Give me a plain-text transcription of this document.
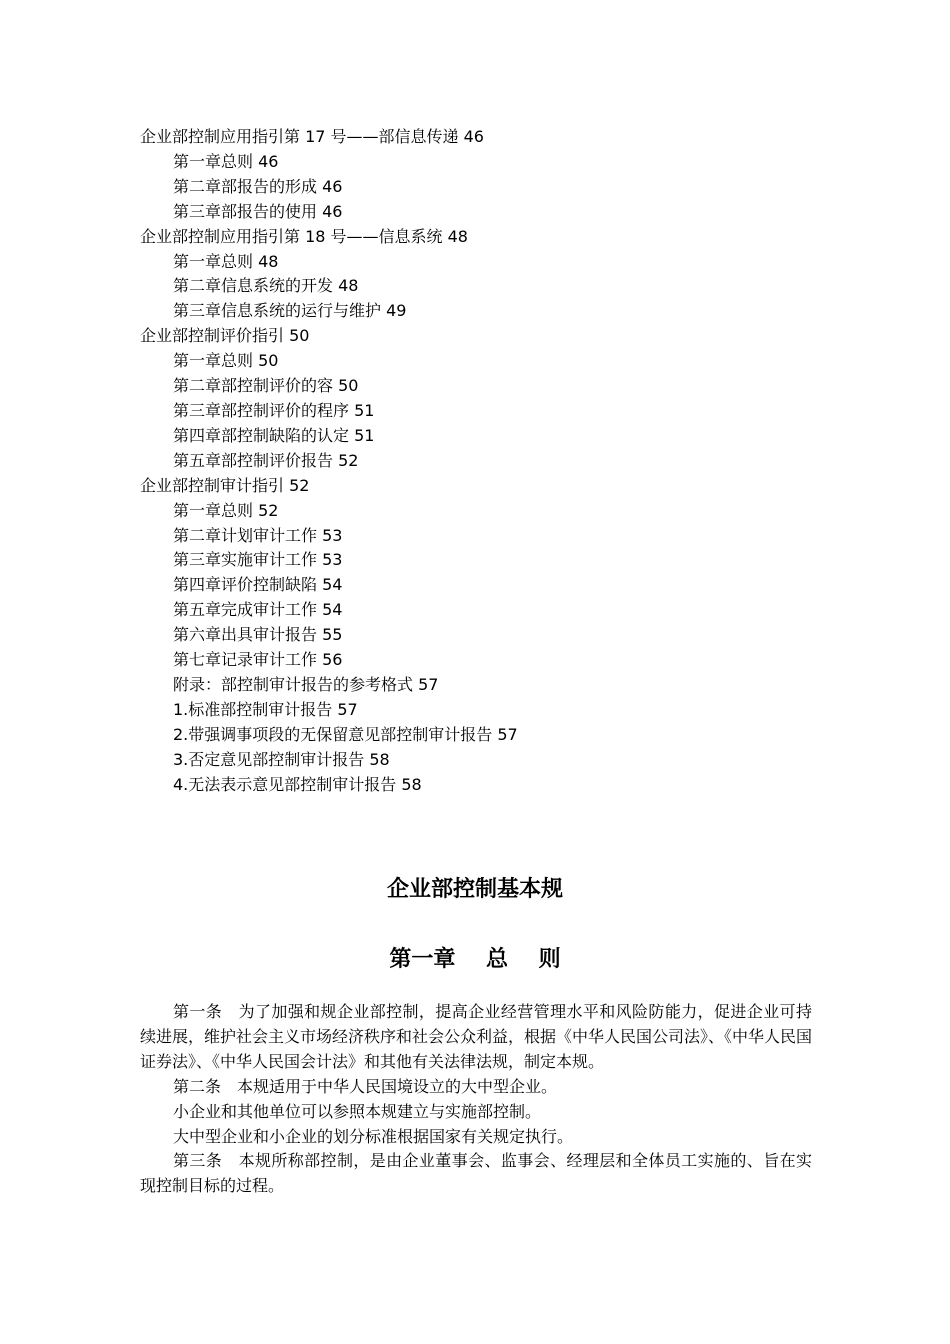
企业部控制应用指引第 17 号——部信息传递 46
第一章总则 46
第二章部报告的形成 46
第三章部报告的使用 46
企业部控制应用指引第 18 号——信息系统 48
第一章总则 48
第二章信息系统的开发 48
第三章信息系统的运行与维护 49
企业部控制评价指引 50
第一章总则 50
第二章部控制评价的容 50
第三章部控制评价的程序 51
第四章部控制缺陷的认定 51
第五章部控制评价报告 52
企业部控制审计指引 52
第一章总则 52
第二章计划审计工作 53
第三章实施审计工作 53
第四章评价控制缺陷 54
第五章完成审计工作 54
第六章出具审计报告 55
第七章记录审计工作 56
附录：部控制审计报告的参考格式 57
1.标准部控制审计报告 57
2.带强调事项段的无保留意见部控制审计报告 57
3.否定意见部控制审计报告 58
4.无法表示意见部控制审计报告 58
企业部控制基本规
第一章    总    则

第一条　为了加强和规企业部控制，提高企业经营管理水平和风险防能力，促进企业可持续进展，维护社会主义市场经济秩序和社会公众利益，根据《中华人民国公司法》、《中华人民国证券法》、《中华人民国会计法》和其他有关法律法规，制定本规。

第二条　本规适用于中华人民国境设立的大中型企业。

小企业和其他单位可以参照本规建立与实施部控制。

大中型企业和小企业的划分标准根据国家有关规定执行。

第三条　本规所称部控制，是由企业董事会、监事会、经理层和全体员工实施的、旨在实现控制目标的过程。
